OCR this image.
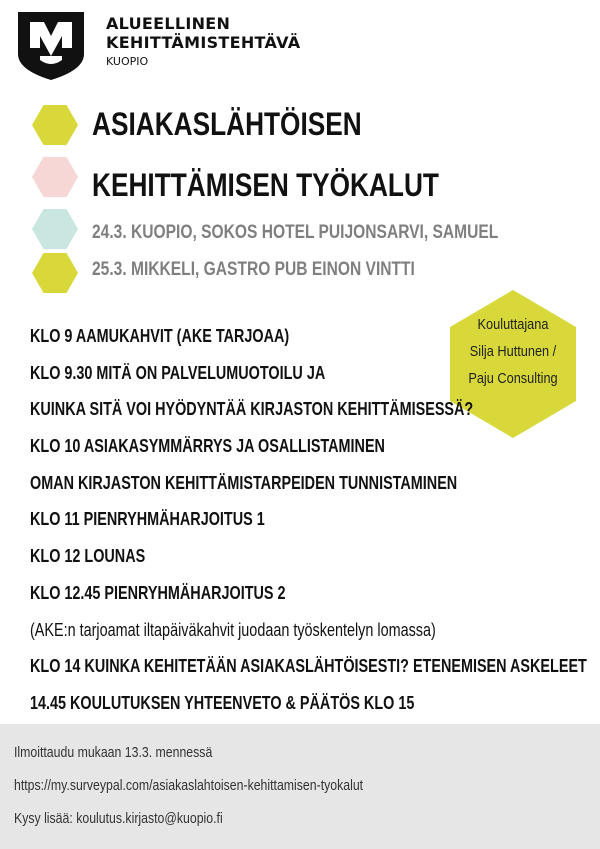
ALUEELLINEN
KEHITTÄMISTEHTÄVÄ
KUOPIO
ASIAKASLÄHTÖISEN
KEHITTÄMISEN TYÖKALUT
24.3. KUOPIO, SOKOS HOTEL PUIJONSARVI, SAMUEL
25.3. MIKKELI, GASTRO PUB EINON VINTTI
Kouluttajana
Silja Huttunen /
Paju Consulting
KLO 9 AAMUKAHVIT (AKE TARJOAA)
KLO 9.30 MITÄ ON PALVELUMUOTOILU JA
KUINKA SITÄ VOI HYÖDYNTÄÄ KIRJASTON KEHITTÄMISESSÄ?
KLO 10 ASIAKASYMMÄRRYS JA OSALLISTAMINEN
OMAN KIRJASTON KEHITTÄMISTARPEIDEN TUNNISTAMINEN
KLO 11 PIENRYHMÄHARJOITUS 1
KLO 12 LOUNAS
KLO 12.45 PIENRYHMÄHARJOITUS 2
(AKE:n tarjoamat iltapäiväkahvit juodaan työskentelyn lomassa)
KLO 14 KUINKA KEHITETÄÄN ASIAKASLÄHTÖISESTI? ETENEMISEN ASKELEET
14.45 KOULUTUKSEN YHTEENVETO & PÄÄTÖS KLO 15
Ilmoittaudu mukaan 13.3. mennessä
https://my.surveypal.com/asiakaslahtoisen-kehittamisen-tyokalut
Kysy lisää: koulutus.kirjasto@kuopio.fi
